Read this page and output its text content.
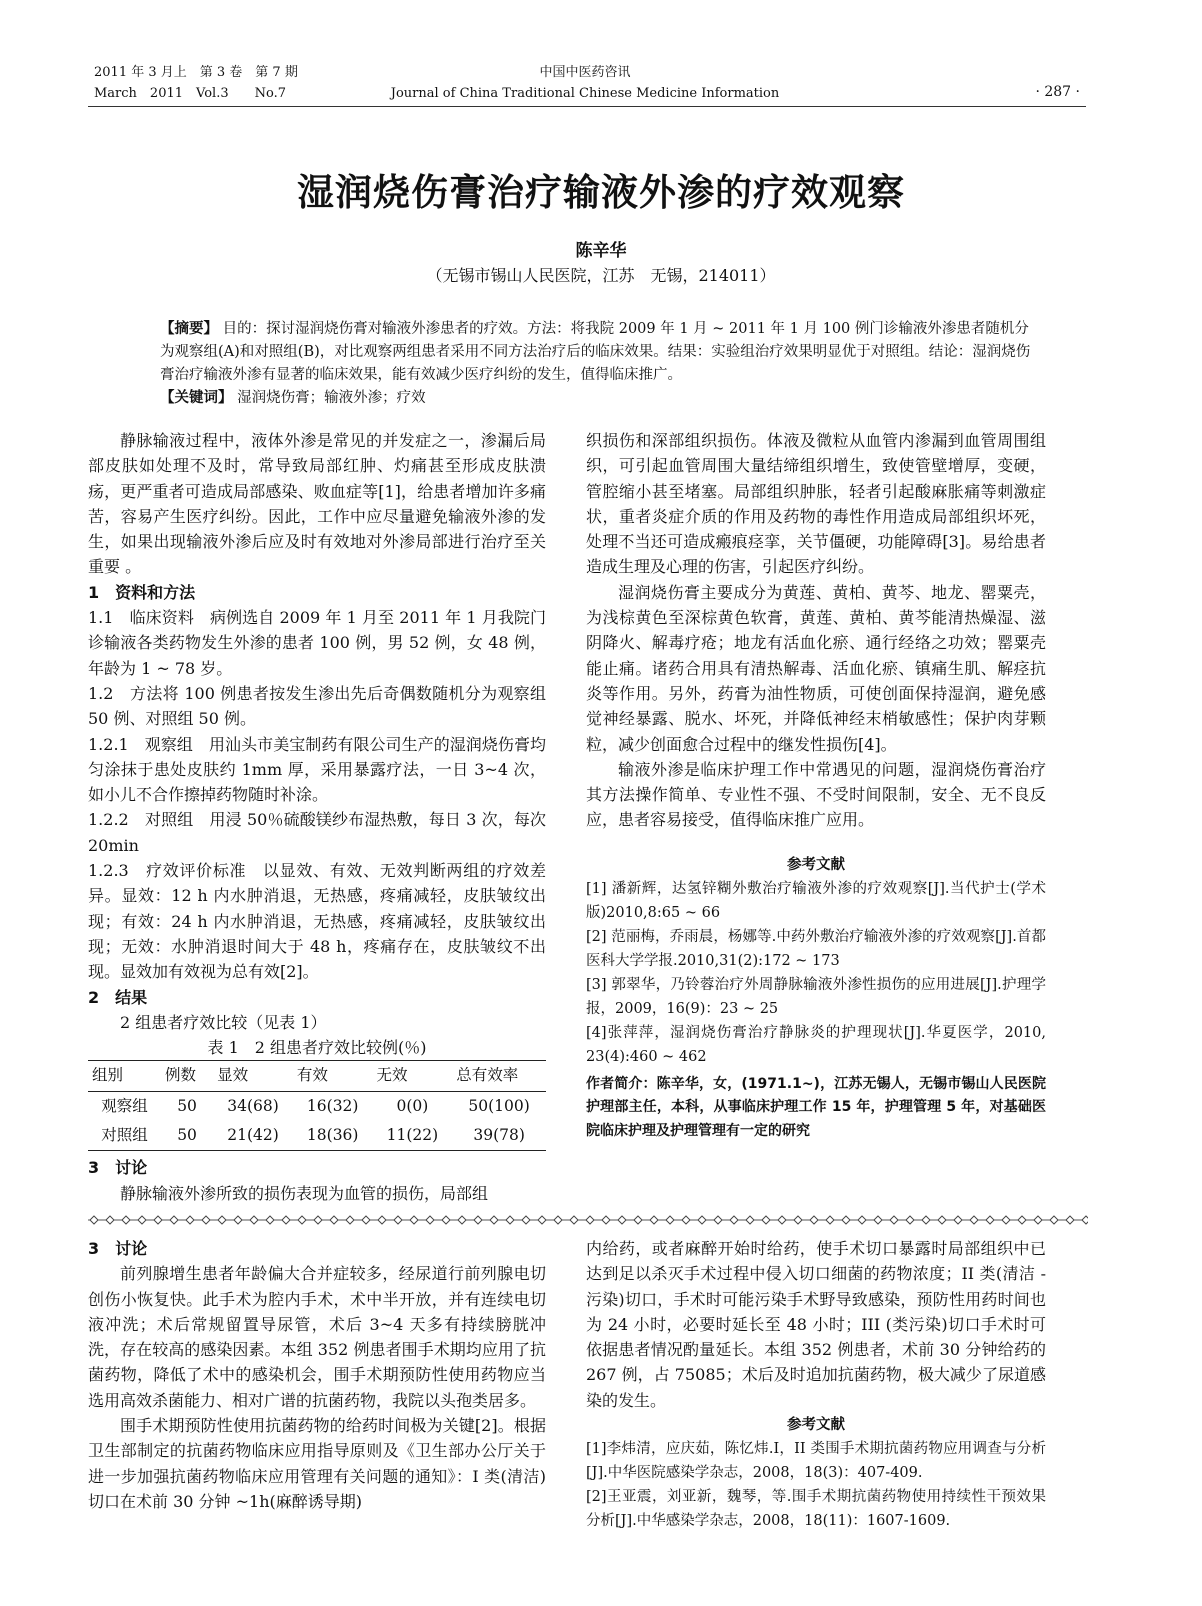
2011 年 3 月上　第 3 卷　第 7 期
March　2011　Vol.3　　No.7
中国中医药咨讯
Journal of China Traditional Chinese Medicine Information	· 287 ·
湿润烧伤膏治疗输液外渗的疗效观察
陈辛华
（无锡市锡山人民医院，江苏　无锡，214011）
【摘要】 目的：探讨湿润烧伤膏对输液外渗患者的疗效。方法：将我院 2009 年 1 月 ~ 2011 年 1 月 100 例门诊输液外渗患者随机分为观察组(A)和对照组(B)，对比观察两组患者采用不同方法治疗后的临床效果。结果：实验组治疗效果明显优于对照组。结论：湿润烧伤膏治疗输液外渗有显著的临床效果，能有效减少医疗纠纷的发生，值得临床推广。
【关键词】 湿润烧伤膏；输液外渗；疗效

静脉输液过程中，液体外渗是常见的并发症之一，渗漏后局部皮肤如处理不及时，常导致局部红肿、灼痛甚至形成皮肤溃疡，更严重者可造成局部感染、败血症等[1]，给患者增加许多痛苦，容易产生医疗纠纷。因此，工作中应尽量避免输液外渗的发生，如果出现输液外渗后应及时有效地对外渗局部进行治疗至关重要 。

1　资料和方法

1.1　临床资料　病例选自 2009 年 1 月至 2011 年 1 月我院门诊输液各类药物发生外渗的患者 100 例，男 52 例，女 48 例，年龄为 1 ~ 78 岁。

1.2　方法将 100 例患者按发生渗出先后奇偶数随机分为观察组 50 例、对照组 50 例。

1.2.1　观察组　用汕头市美宝制药有限公司生产的湿润烧伤膏均匀涂抹于患处皮肤约 1mm 厚，采用暴露疗法，一日 3~4 次，如小儿不合作擦掉药物随时补涂。

1.2.2　对照组　用浸 50％硫酸镁纱布湿热敷，每日 3 次，每次 20min

1.2.3　疗效评价标准　以显效、有效、无效判断两组的疗效差异。显效：12 h 内水肿消退，无热感，疼痛减轻，皮肤皱纹出现；有效：24 h 内水肿消退，无热感，疼痛减轻，皮肤皱纹出现；无效：水肿消退时间大于 48 h，疼痛存在，皮肤皱纹不出现。显效加有效视为总有效[2]。

2　结果

2 组患者疗效比较（见表 1）

表 1　2 组患者疗效比较例(％)
组别	例数	显效	有效	无效	总有效率
观察组	50	34(68)	16(32)	0(0)	50(100)
对照组	50	21(42)	18(36)	11(22)	39(78)

3　讨论

静脉输液外渗所致的损伤表现为血管的损伤，局部组

织损伤和深部组织损伤。体液及微粒从血管内渗漏到血管周围组织，可引起血管周围大量结缔组织增生，致使管壁增厚，变硬，管腔缩小甚至堵塞。局部组织肿胀，轻者引起酸麻胀痛等刺激症状，重者炎症介质的作用及药物的毒性作用造成局部组织坏死，处理不当还可造成瘢痕痉挛，关节僵硬，功能障碍[3]。易给患者造成生理及心理的伤害，引起医疗纠纷。

湿润烧伤膏主要成分为黄莲、黄柏、黄芩、地龙、罂粟壳，为浅棕黄色至深棕黄色软膏，黄莲、黄柏、黄芩能清热燥湿、滋阴降火、解毒疗疮；地龙有活血化瘀、通行经络之功效；罂粟壳能止痛。诸药合用具有清热解毒、活血化瘀、镇痛生肌、解痉抗炎等作用。另外，药膏为油性物质，可使创面保持湿润，避免感觉神经暴露、脱水、坏死，并降低神经末梢敏感性；保护肉芽颗粒，减少创面愈合过程中的继发性损伤[4]。

输液外渗是临床护理工作中常遇见的问题，湿润烧伤膏治疗其方法操作简单、专业性不强、不受时间限制，安全、无不良反应，患者容易接受，值得临床推广应用。

参考文献

[1] 潘新辉，达氢锌糊外敷治疗输液外渗的疗效观察[J].当代护士(学术版)2010,8:65 ~ 66

[2] 范丽梅，乔雨晨，杨娜等.中药外敷治疗输液外渗的疗效观察[J].首都医科大学学报.2010,31(2):172 ~ 173

[3] 郭翠华，乃铃蓉治疗外周静脉输液外渗性损伤的应用进展[J].护理学报，2009，16(9)：23 ~ 25

[4]张萍萍，湿润烧伤膏治疗静脉炎的护理现状[J].华夏医学，2010, 23(4):460 ~ 462

作者简介：陈辛华，女，(1971.1~)，江苏无锡人，无锡市锡山人民医院护理部主任，本科，从事临床护理工作 15 年，护理管理 5 年，对基础医院临床护理及护理管理有一定的研究

3　讨论

前列腺增生患者年龄偏大合并症较多，经尿道行前列腺电切创伤小恢复快。此手术为腔内手术，术中半开放，并有连续电切液冲洗；术后常规留置导尿管，术后 3~4 天多有持续膀胱冲洗，存在较高的感染因素。本组 352 例患者围手术期均应用了抗菌药物，降低了术中的感染机会，围手术期预防性使用药物应当选用高效杀菌能力、相对广谱的抗菌药物，我院以头孢类居多。

围手术期预防性使用抗菌药物的给药时间极为关键[2]。根据卫生部制定的抗菌药物临床应用指导原则及《卫生部办公厅关于进一步加强抗菌药物临床应用管理有关问题的通知》：I 类(清洁)切口在术前 30 分钟 ~1h(麻醉诱导期)

内给药，或者麻醉开始时给药，使手术切口暴露时局部组织中已达到足以杀灭手术过程中侵入切口细菌的药物浓度；II 类(清洁 - 污染)切口，手术时可能污染手术野导致感染，预防性用药时间也为 24 小时，必要时延长至 48 小时；III (类污染)切口手术时可依据患者情况酌量延长。本组 352 例患者，术前 30 分钟给药的 267 例，占 75085；术后及时追加抗菌药物，极大减少了尿道感染的发生。

参考文献

[1]李炜清，应庆茹，陈忆炜.I，II 类围手术期抗菌药物应用调查与分析[J].中华医院感染学杂志，2008，18(3)：407-409.

[2]王亚震，刘亚新，魏琴，等.围手术期抗菌药物使用持续性干预效果分析[J].中华感染学杂志，2008，18(11)：1607-1609.
